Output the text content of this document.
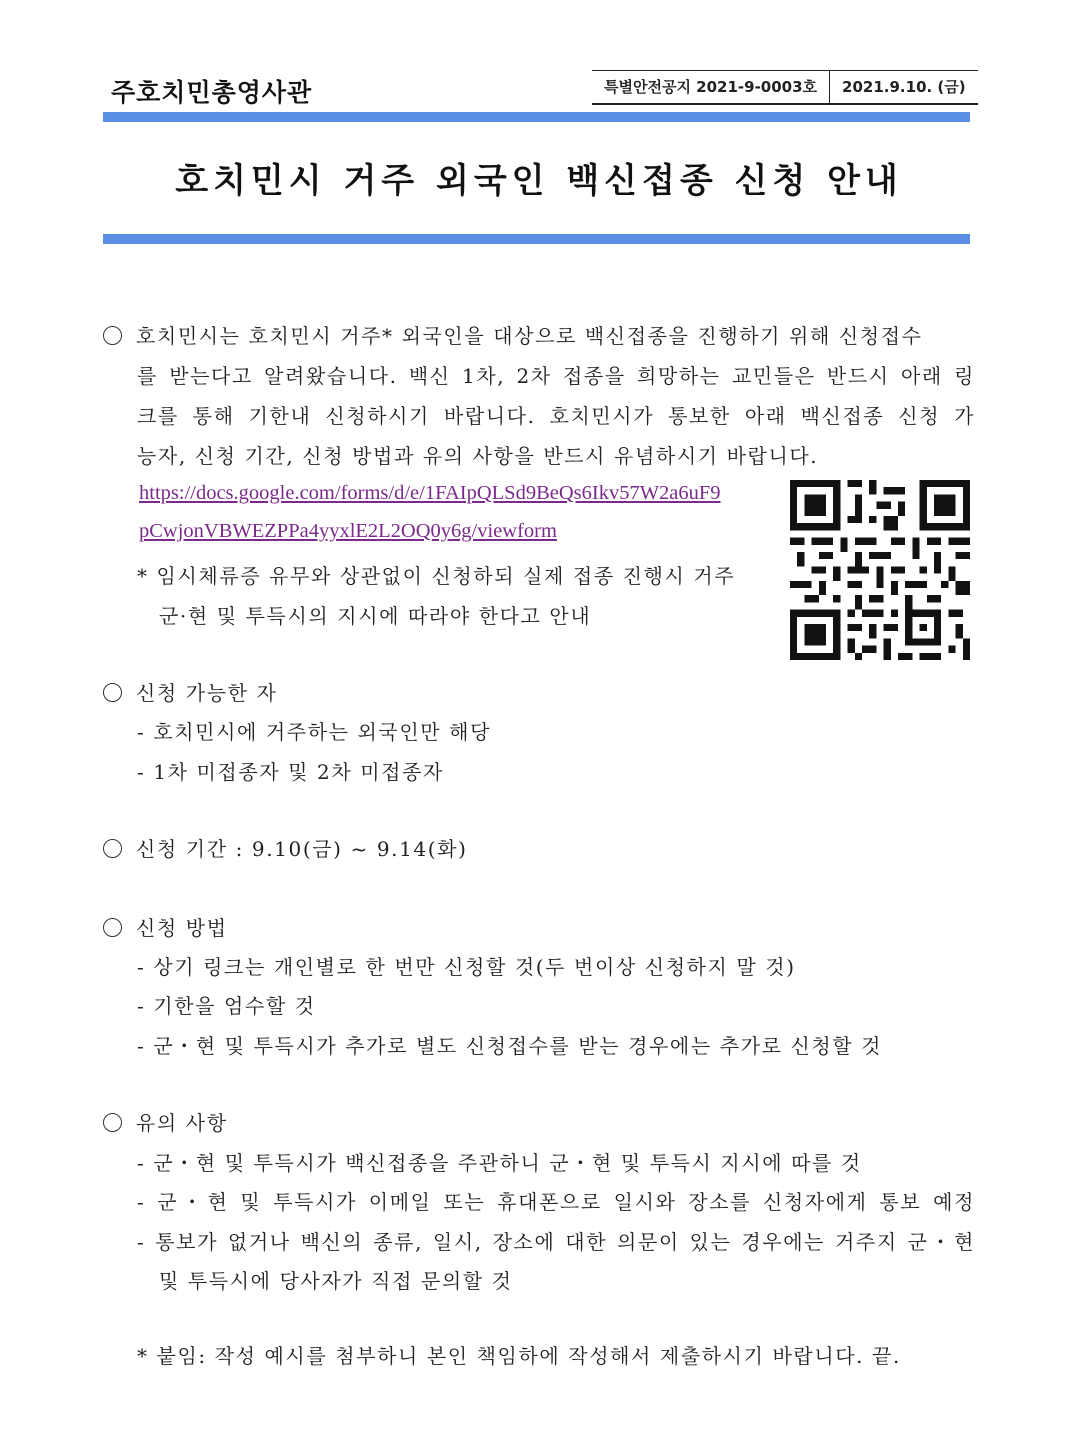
주호치민총영사관	특별안전공지 2021-9-0003호	2021.9.10. (금)
호치민시 거주 외국인 백신접종 신청 안내
호치민시는 호치민시 거주* 외국인을 대상으로 백신접종을 진행하기 위해 신청접수
를 받는다고 알려왔습니다. 백신 1차, 2차 접종을 희망하는 교민들은 반드시 아래 링
크를 통해 기한내 신청하시기 바랍니다. 호치민시가 통보한 아래 백신접종 신청 가
능자, 신청 기간, 신청 방법과 유의 사항을 반드시 유념하시기 바랍니다.
https://docs.google.com/forms/d/e/1FAIpQLSd9BeQs6Ikv57W2a6uF9
pCwjonVBWEZPPa4yyxlE2L2OQ0y6g/viewform
* 임시체류증 유무와 상관없이 신청하되 실제 접종 진행시 거주
군·현 및 투득시의 지시에 따라야 한다고 안내
신청 가능한 자
- 호치민시에 거주하는 외국인만 해당
- 1차 미접종자 및 2차 미접종자
신청 기간 : 9.10(금) ~ 9.14(화)
신청 방법
- 상기 링크는 개인별로 한 번만 신청할 것(두 번이상 신청하지 말 것)
- 기한을 엄수할 것
- 군・현 및 투득시가 추가로 별도 신청접수를 받는 경우에는 추가로 신청할 것
유의 사항
- 군・현 및 투득시가 백신접종을 주관하니 군・현 및 투득시 지시에 따를 것
- 군・현 및 투득시가 이메일 또는 휴대폰으로 일시와 장소를 신청자에게 통보 예정
- 통보가 없거나 백신의 종류, 일시, 장소에 대한 의문이 있는 경우에는 거주지 군・현
및 투득시에 당사자가 직접 문의할 것
* 붙임: 작성 예시를 첨부하니 본인 책임하에 작성해서 제출하시기 바랍니다. 끝.
